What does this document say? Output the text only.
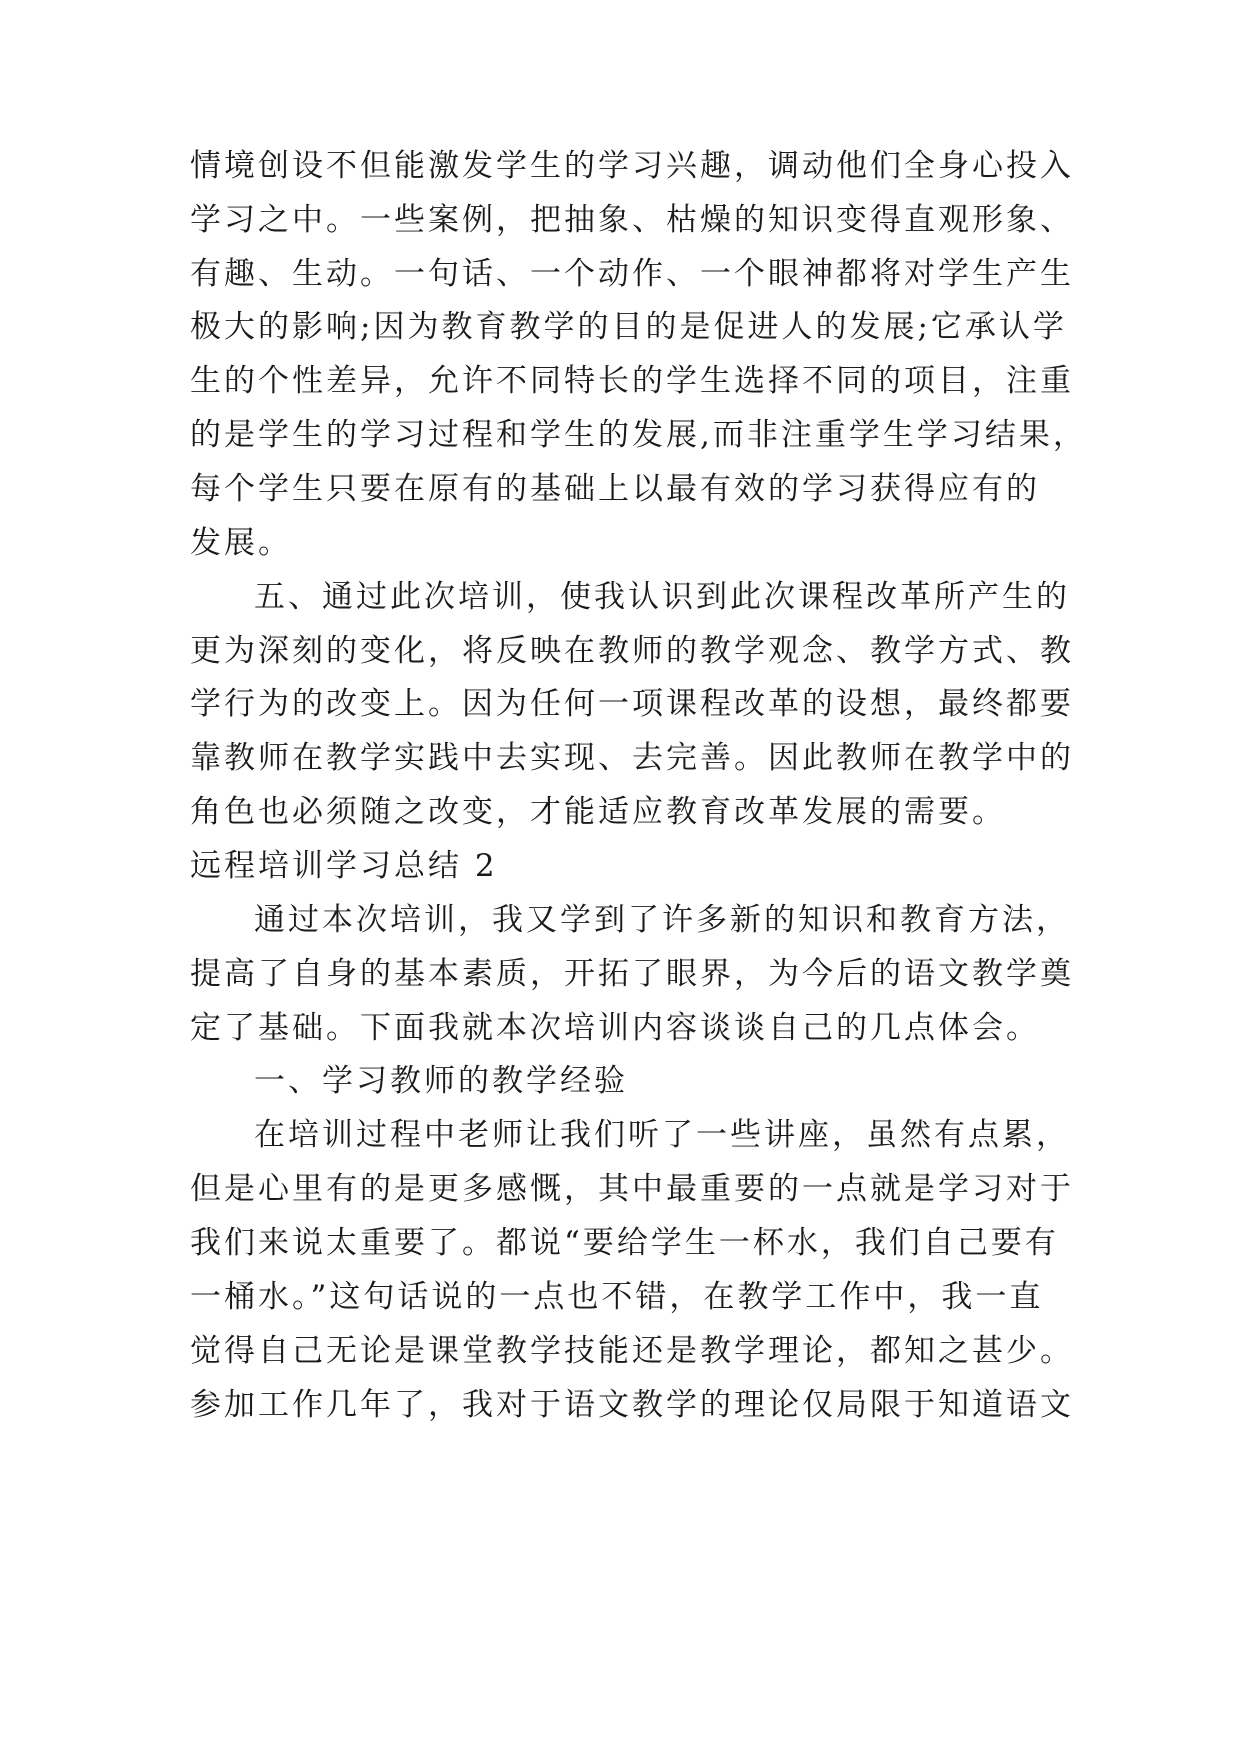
情境创设不但能激发学生的学习兴趣，调动他们全身心投入
学习之中。一些案例，把抽象、枯燥的知识变得直观形象、
有趣、生动。一句话、一个动作、一个眼神都将对学生产生
极大的影响;因为教育教学的目的是促进人的发展;它承认学
生的个性差异，允许不同特长的学生选择不同的项目，注重
的是学生的学习过程和学生的发展,而非注重学生学习结果，
每个学生只要在原有的基础上以最有效的学习获得应有的
发展。
五、通过此次培训，使我认识到此次课程改革所产生的
更为深刻的变化，将反映在教师的教学观念、教学方式、教
学行为的改变上。因为任何一项课程改革的设想，最终都要
靠教师在教学实践中去实现、去完善。因此教师在教学中的
角色也必须随之改变，才能适应教育改革发展的需要。
远程培训学习总结 2
通过本次培训，我又学到了许多新的知识和教育方法，
提高了自身的基本素质，开拓了眼界，为今后的语文教学奠
定了基础。下面我就本次培训内容谈谈自己的几点体会。
一、学习教师的教学经验
在培训过程中老师让我们听了一些讲座，虽然有点累，
但是心里有的是更多感慨，其中最重要的一点就是学习对于
我们来说太重要了。都说“要给学生一杯水，我们自己要有
一桶水。”这句话说的一点也不错，在教学工作中，我一直
觉得自己无论是课堂教学技能还是教学理论，都知之甚少。
参加工作几年了，我对于语文教学的理论仅局限于知道语文
